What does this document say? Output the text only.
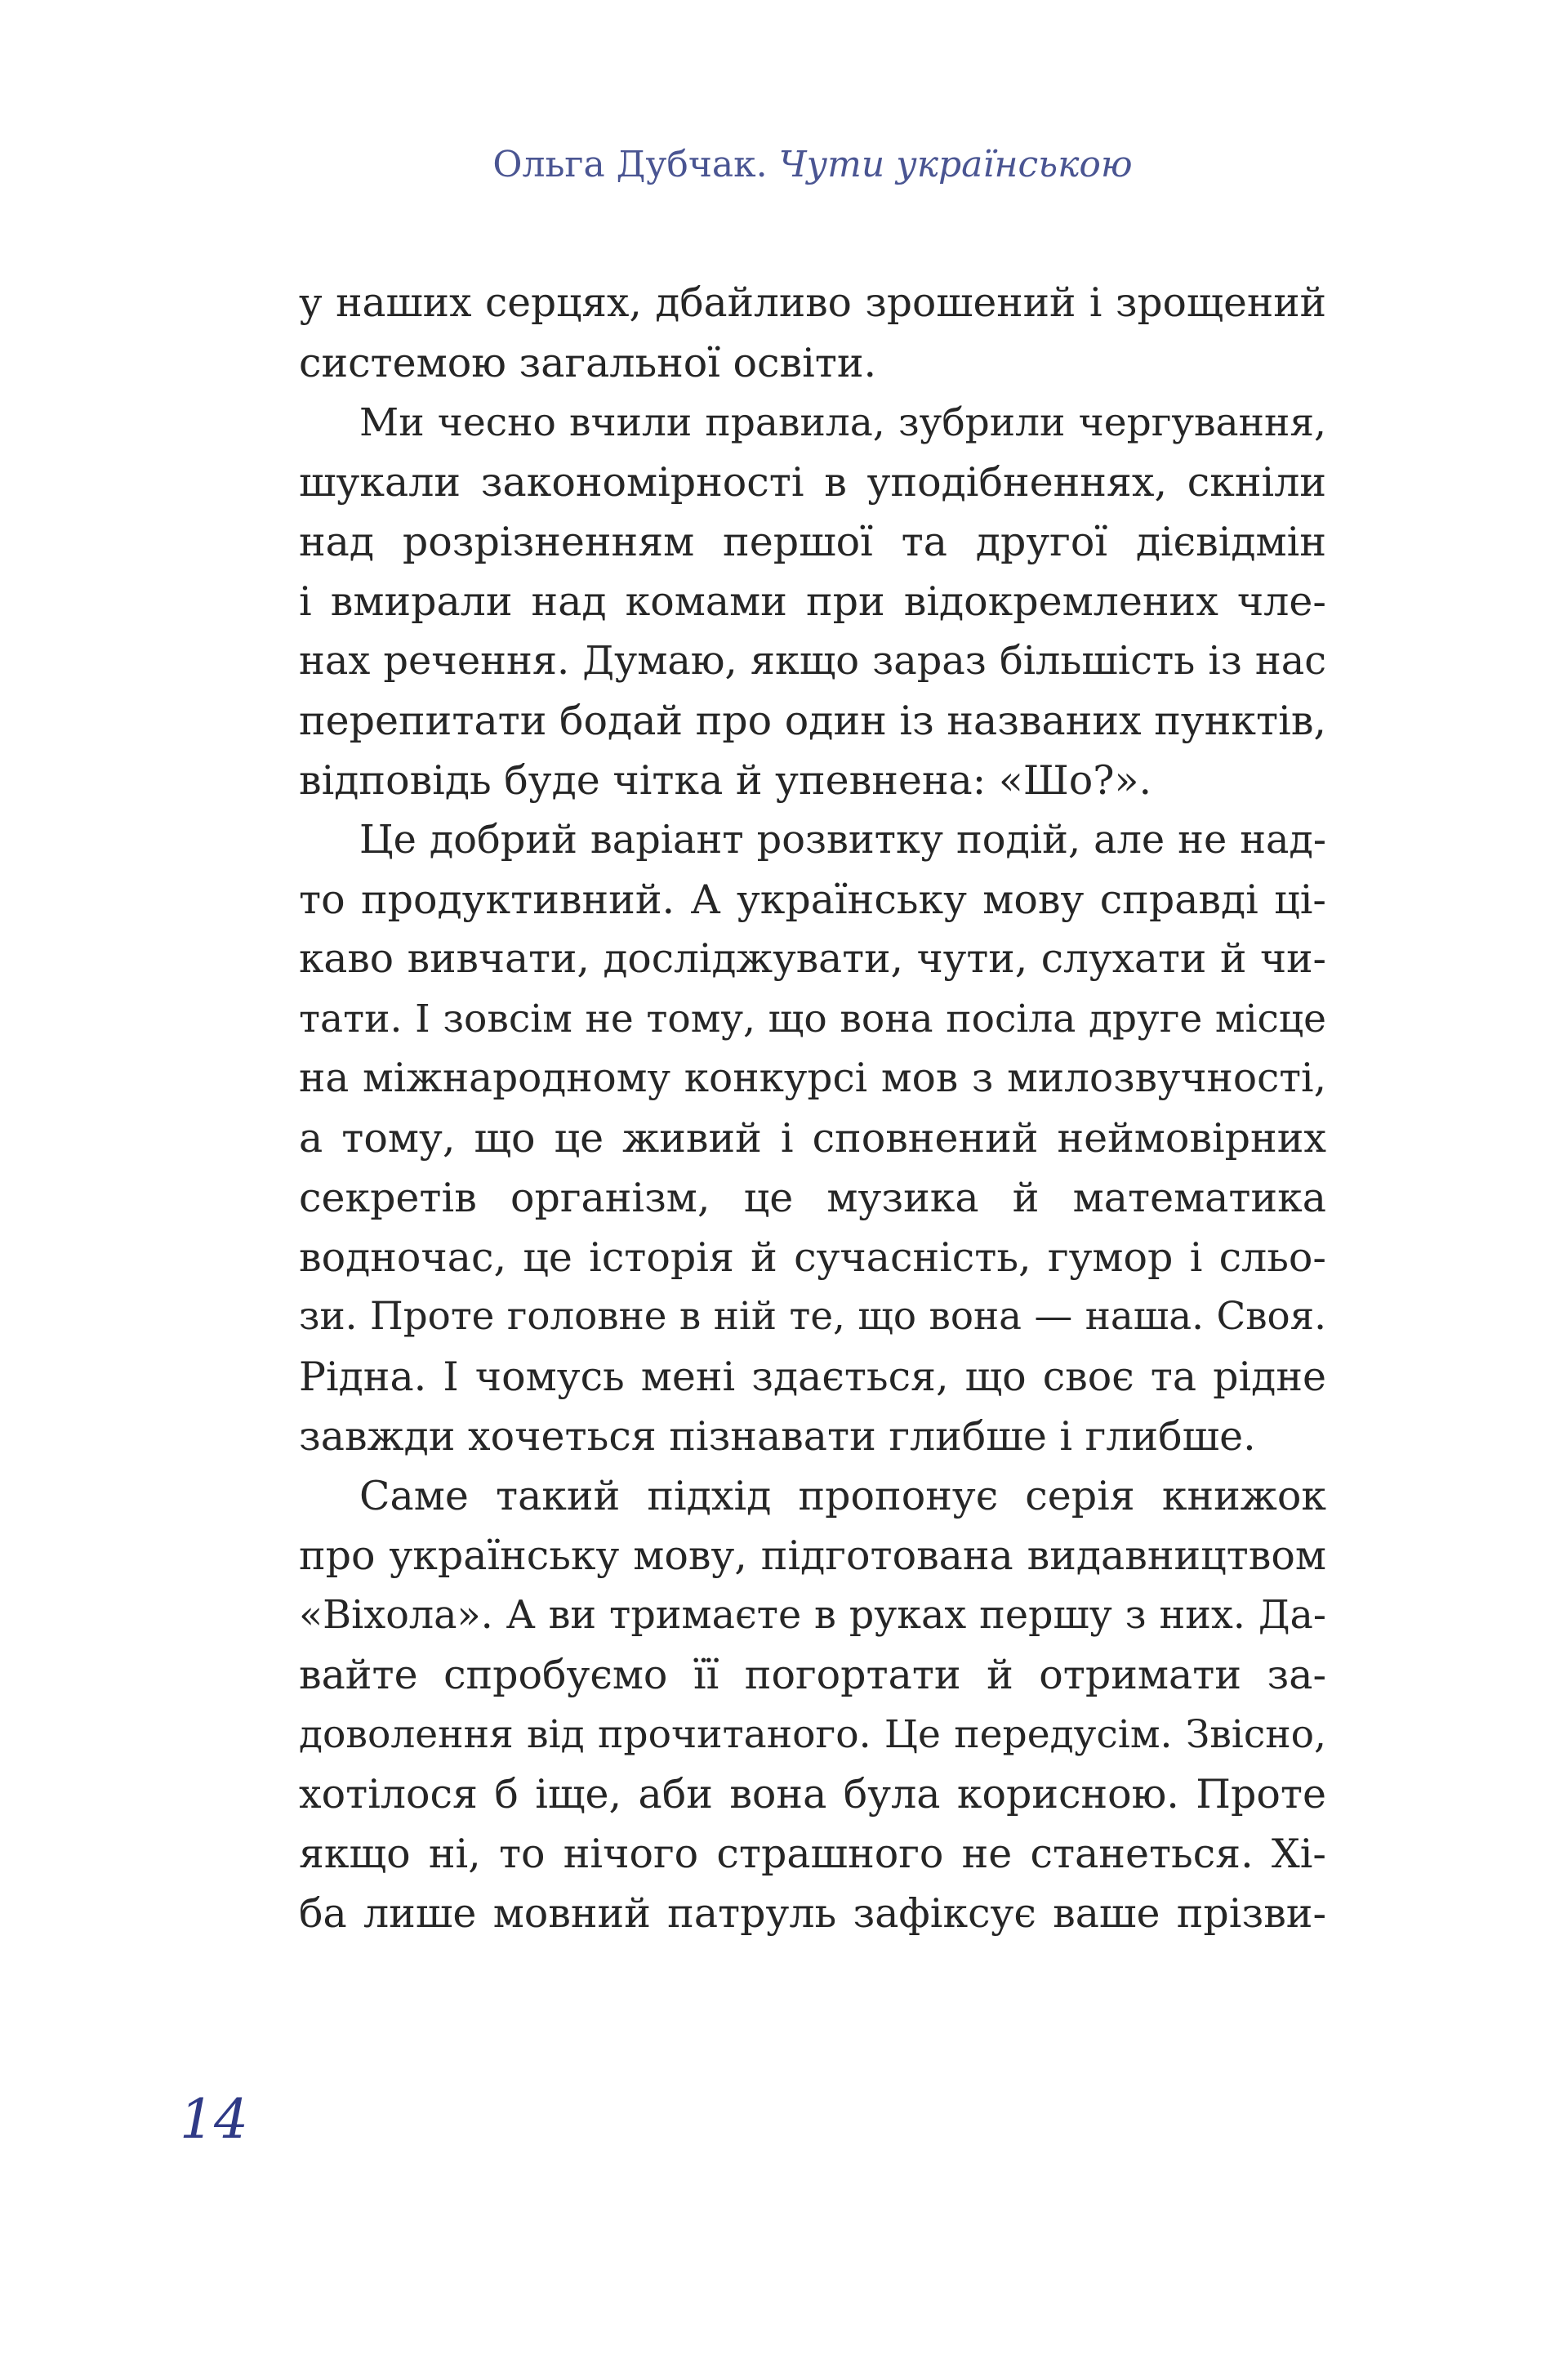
Ольга Дубчак. Чути українською
у наших серцях, дбайливо зрошений і зрощений
системою загальної освіти.
Ми чесно вчили правила, зубрили чергування,
шукали закономірності в уподібненнях, скніли
над розрізненням першої та другої дієвідмін
і вмирали над комами при відокремлених чле-
нах речення. Думаю, якщо зараз більшість із нас
перепитати бодай про один із названих пунктів,
відповідь буде чітка й упевнена: «Шо?».
Це добрий варіант розвитку подій, але не над-
то продуктивний. А українську мову справді ці-
каво вивчати, досліджувати, чути, слухати й чи-
тати. І зовсім не тому, що вона посіла друге місце
на міжнародному конкурсі мов з милозвучності,
а тому, що це живий і сповнений неймовірних
секретів організм, це музика й математика
водночас, це історія й сучасність, гумор і сльо-
зи. Проте головне в ній те, що вона — наша. Своя.
Рідна. І чомусь мені здається, що своє та рідне
завжди хочеться пізнавати глибше і глибше.
Саме такий підхід пропонує серія книжок
про українську мову, підготована видавництвом
«Віхола». А ви тримаєте в руках першу з них. Да-
вайте спробуємо її погортати й отримати за-
доволення від прочитаного. Це передусім. Звісно,
хотілося б іще, аби вона була корисною. Проте
якщо ні, то нічого страшного не станеться. Хі-
ба лише мовний патруль зафіксує ваше прізви-
14
